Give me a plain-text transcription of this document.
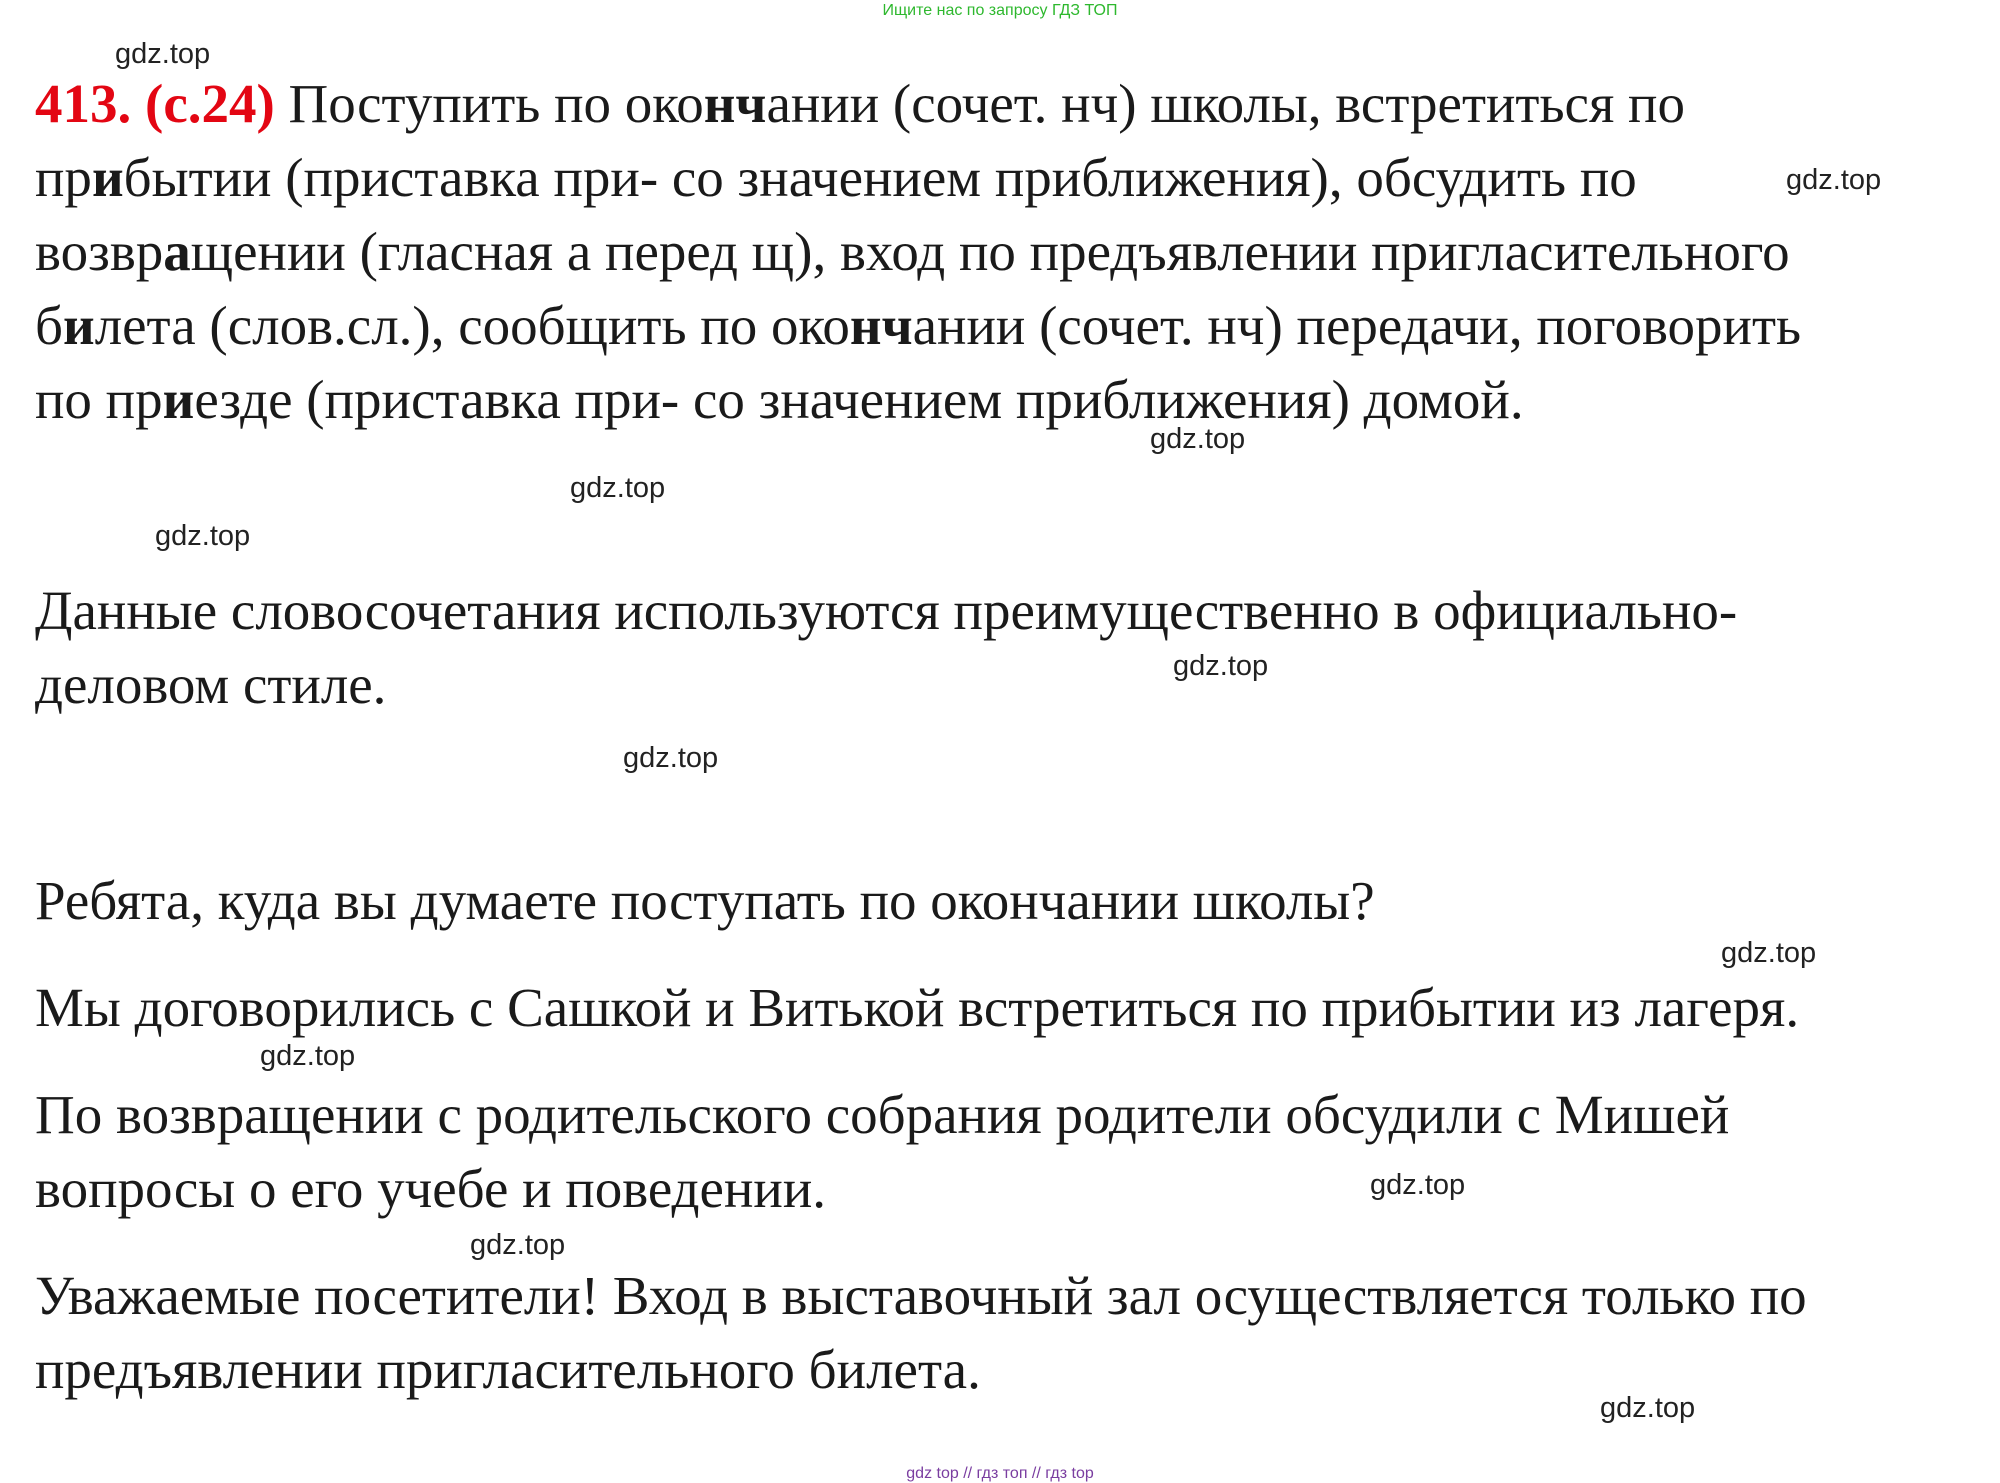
Ищите нас по запросу ГДЗ ТОП
413. (с.24) Поступить по окончании (сочет. нч) школы, встретиться по
прибытии (приставка при- со значением приближения), обсудить по
возвращении (гласная а перед щ), вход по предъявлении пригласительного
билета (слов.сл.), сообщить по окончании (сочет. нч) передачи, поговорить
по приезде (приставка при- со значением приближения) домой.
Данные словосочетания используются преимущественно в официально-
деловом стиле.
Ребята, куда вы думаете поступать по окончании школы?
Мы договорились с Сашкой и Витькой встретиться по прибытии из лагеря.
По возвращении с родительского собрания родители обсудили с Мишей
вопросы о его учебе и поведении.
Уважаемые посетители! Вход в выставочный зал осуществляется только по
предъявлении пригласительного билета.
gdz.top
gdz.top
gdz.top
gdz.top
gdz.top
gdz.top
gdz.top
gdz.top
gdz.top
gdz.top
gdz.top
gdz.top
gdz top // гдз топ // гдз top
